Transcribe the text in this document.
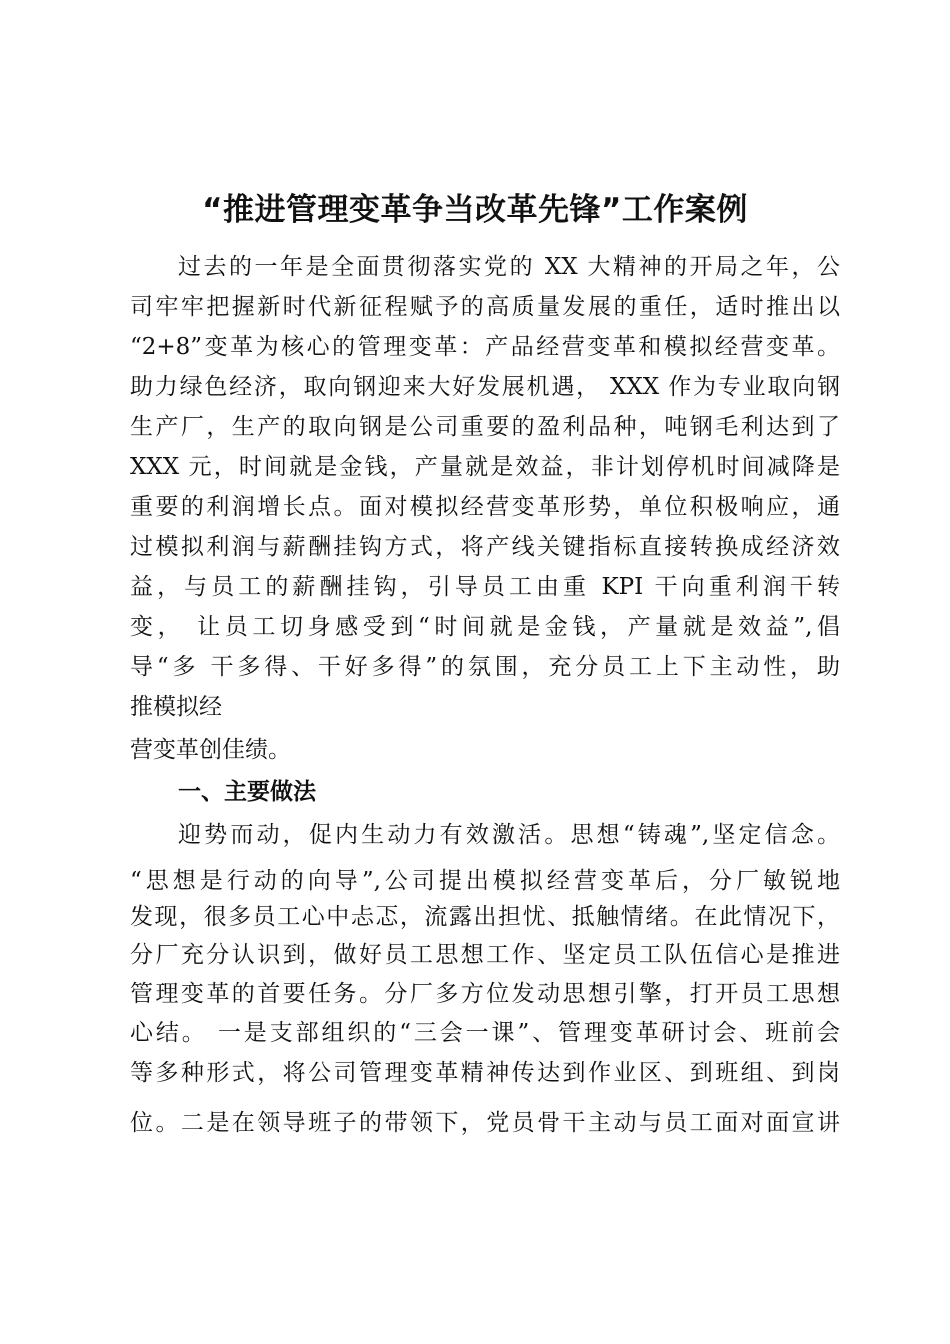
“推进管理变革争当改革先锋”工作案例

过去的一年是全面贯彻落实党的 XX 大精神的开局之年，公

司牢牢把握新时代新征程赋予的高质量发展的重任，适时推出以

“2+8”变革为核心的管理变革：产品经营变革和模拟经营变革。

助力绿色经济，取向钢迎来大好发展机遇， XXX 作为专业取向钢

生产厂，生产的取向钢是公司重要的盈利品种，吨钢毛利达到了

XXX 元，时间就是金钱，产量就是效益，非计划停机时间减降是

重要的利润增长点。面对模拟经营变革形势，单位积极响应，通

过模拟利润与薪酬挂钩方式，将产线关键指标直接转换成经济效

益，与员工的薪酬挂钩，引导员工由重 KPI 干向重利润干转

变， 让员工切身感受到“时间就是金钱，产量就是效益”,倡

导“多 干多得、干好多得”的氛围，充分员工上下主动性，助

推模拟经

营变革创佳绩。

一、主要做法

迎势而动，促内生动力有效激活。思想“铸魂”,坚定信念。

“思想是行动的向导”,公司提出模拟经营变革后，分厂敏锐地

发现，很多员工心中忐忑，流露出担忧、抵触情绪。在此情况下，

分厂充分认识到，做好员工思想工作、坚定员工队伍信心是推进

管理变革的首要任务。分厂多方位发动思想引擎，打开员工思想

心结。 一是支部组织的“三会一课”、管理变革研讨会、班前会

等多种形式，将公司管理变革精神传达到作业区、到班组、到岗

位。二是在领导班子的带领下，党员骨干主动与员工面对面宣讲
